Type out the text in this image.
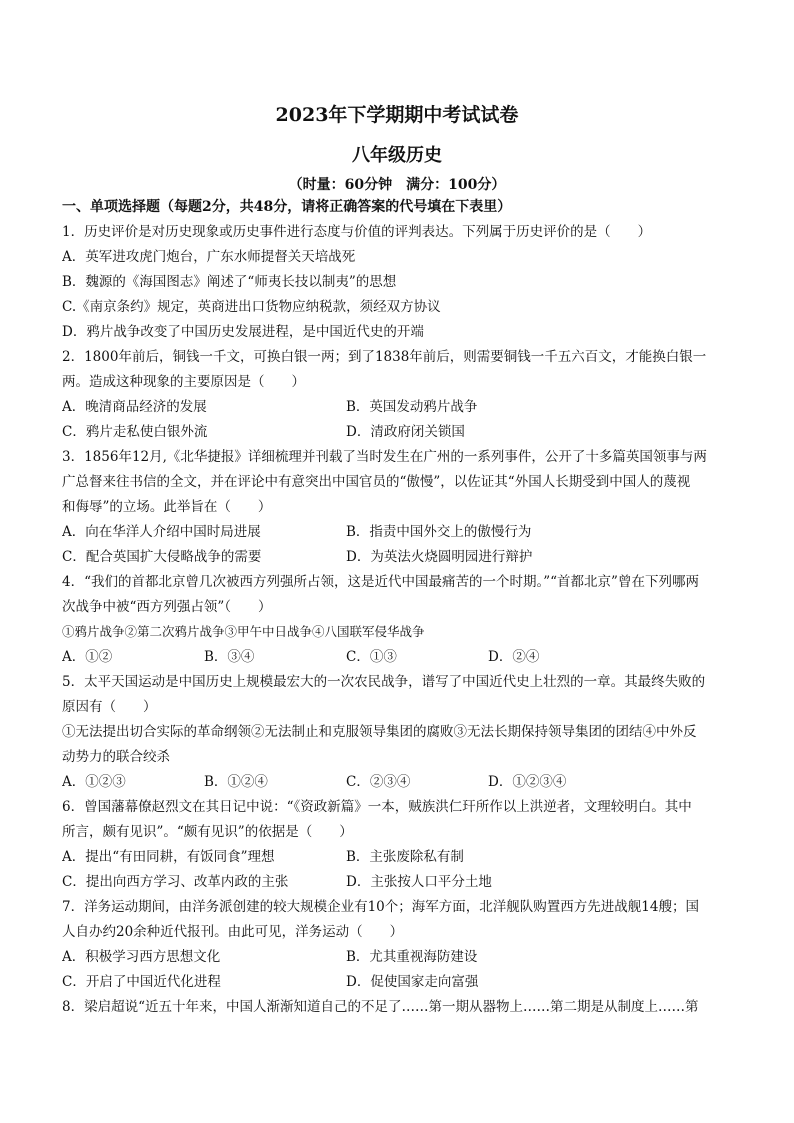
2023年下学期期中考试试卷
八年级历史
（时量：60分钟　满分：100分）
一、单项选择题（每题2分，共48分，请将正确答案的代号填在下表里）
1．历史评价是对历史现象或历史事件进行态度与价值的评判表达。下列属于历史评价的是（　　）
A．英军进攻虎门炮台，广东水师提督关天培战死
B．魏源的《海国图志》阐述了“师夷长技以制夷”的思想
C.《南京条约》规定，英商进出口货物应纳税款，须经双方协议
D．鸦片战争改变了中国历史发展进程，是中国近代史的开端
2．1800年前后，铜钱一千文，可换白银一两；到了1838年前后，则需要铜钱一千五六百文，才能换白银一
两。造成这种现象的主要原因是（　　）
A．晚清商品经济的发展	B．英国发动鸦片战争
C．鸦片走私使白银外流	D．清政府闭关锁国
3．1856年12月,《北华捷报》详细梳理并刊载了当时发生在广州的一系列事件，公开了十多篇英国领事与两
广总督来往书信的全文，并在评论中有意突出中国官员的“傲慢”，以佐证其“外国人长期受到中国人的蔑视
和侮辱”的立场。此举旨在（　　）
A．向在华洋人介绍中国时局进展	B．指责中国外交上的傲慢行为
C．配合英国扩大侵略战争的需要	D．为英法火烧圆明园进行辩护
4．“我们的首都北京曾几次被西方列强所占领，这是近代中国最痛苦的一个时期。”“首都北京”曾在下列哪两
次战争中被“西方列强占领”（　　）
①鸦片战争②第二次鸦片战争③甲午中日战争④八国联军侵华战争
A．①②	B．③④	C．①③	D．②④
5．太平天国运动是中国历史上规模最宏大的一次农民战争，谱写了中国近代史上壮烈的一章。其最终失败的
原因有（　　）
①无法提出切合实际的革命纲领②无法制止和克服领导集团的腐败③无法长期保持领导集团的团结④中外反
动势力的联合绞杀
A．①②③	B．①②④	C．②③④	D．①②③④
6．曾国藩幕僚赵烈文在其日记中说：“《资政新篇》一本，贼族洪仁玕所作以上洪逆者，文理较明白。其中
所言，颇有见识”。“颇有见识”的依据是（　　）
A．提出“有田同耕，有饭同食”理想	B．主张废除私有制
C．提出向西方学习、改革内政的主张	D．主张按人口平分土地
7．洋务运动期间，由洋务派创建的较大规模企业有10个；海军方面，北洋舰队购置西方先进战舰14艘；国
人自办约20余种近代报刊。由此可见，洋务运动（　　）
A．积极学习西方思想文化	B．尤其重视海防建设
C．开启了中国近代化进程	D．促使国家走向富强
8．梁启超说“近五十年来，中国人渐渐知道自己的不足了……第一期从器物上……第二期是从制度上……第
